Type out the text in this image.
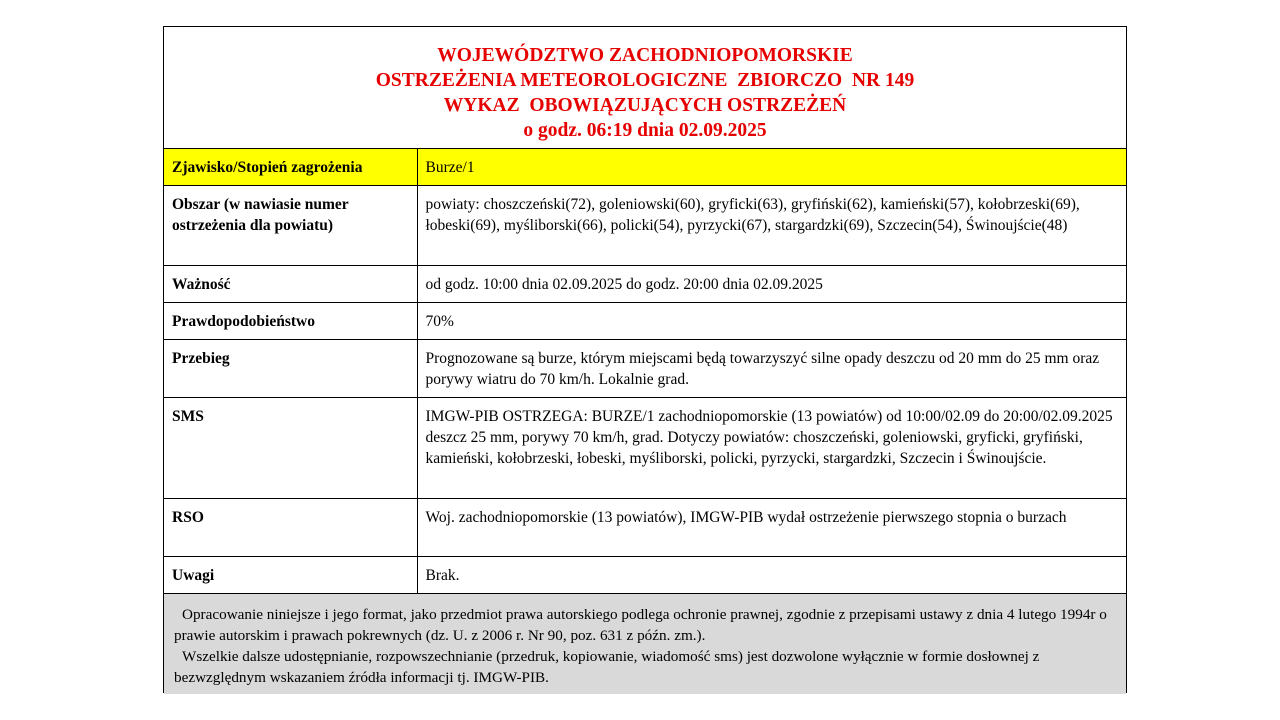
WOJEWÓDZTWO ZACHODNIOPOMORSKIE
OSTRZEŻENIA METEOROLOGICZNE  ZBIORCZO  NR 149
WYKAZ  OBOWIĄZUJĄCYCH OSTRZEŻEŃ
o godz. 06:19 dnia 02.09.2025
Zjawisko/Stopień zagrożenia	Burze/1
Obszar (w nawiasie numer ostrzeżenia dla powiatu)	powiaty: choszczeński(72), goleniowski(60), gryficki(63), gryfiński(62), kamieński(57), kołobrzeski(69), łobeski(69), myśliborski(66), policki(54), pyrzycki(67), stargardzki(69), Szczecin(54), Świnoujście(48)
Ważność	od godz. 10:00 dnia 02.09.2025 do godz. 20:00 dnia 02.09.2025
Prawdopodobieństwo	70%
Przebieg	Prognozowane są burze, którym miejscami będą towarzyszyć silne opady deszczu od 20 mm do 25 mm oraz porywy wiatru do 70 km/h. Lokalnie grad.
SMS	IMGW-PIB OSTRZEGA: BURZE/1 zachodniopomorskie (13 powiatów) od 10:00/02.09 do 20:00/02.09.2025 deszcz 25 mm, porywy 70 km/h, grad. Dotyczy powiatów: choszczeński, goleniowski, gryficki, gryfiński, kamieński, kołobrzeski, łobeski, myśliborski, policki, pyrzycki, stargardzki, Szczecin i Świnoujście.
RSO	Woj. zachodniopomorskie (13 powiatów), IMGW-PIB wydał ostrzeżenie pierwszego stopnia o burzach
Uwagi	Brak.

Opracowanie niniejsze i jego format, jako przedmiot prawa autorskiego podlega ochronie prawnej, zgodnie z przepisami ustawy z dnia 4 lutego 1994r o prawie autorskim i prawach pokrewnych (dz. U. z 2006 r. Nr 90, poz. 631 z późn. zm.).

Wszelkie dalsze udostępnianie, rozpowszechnianie (przedruk, kopiowanie, wiadomość sms) jest dozwolone wyłącznie w formie dosłownej z bezwzględnym wskazaniem źródła informacji tj. IMGW-PIB.
